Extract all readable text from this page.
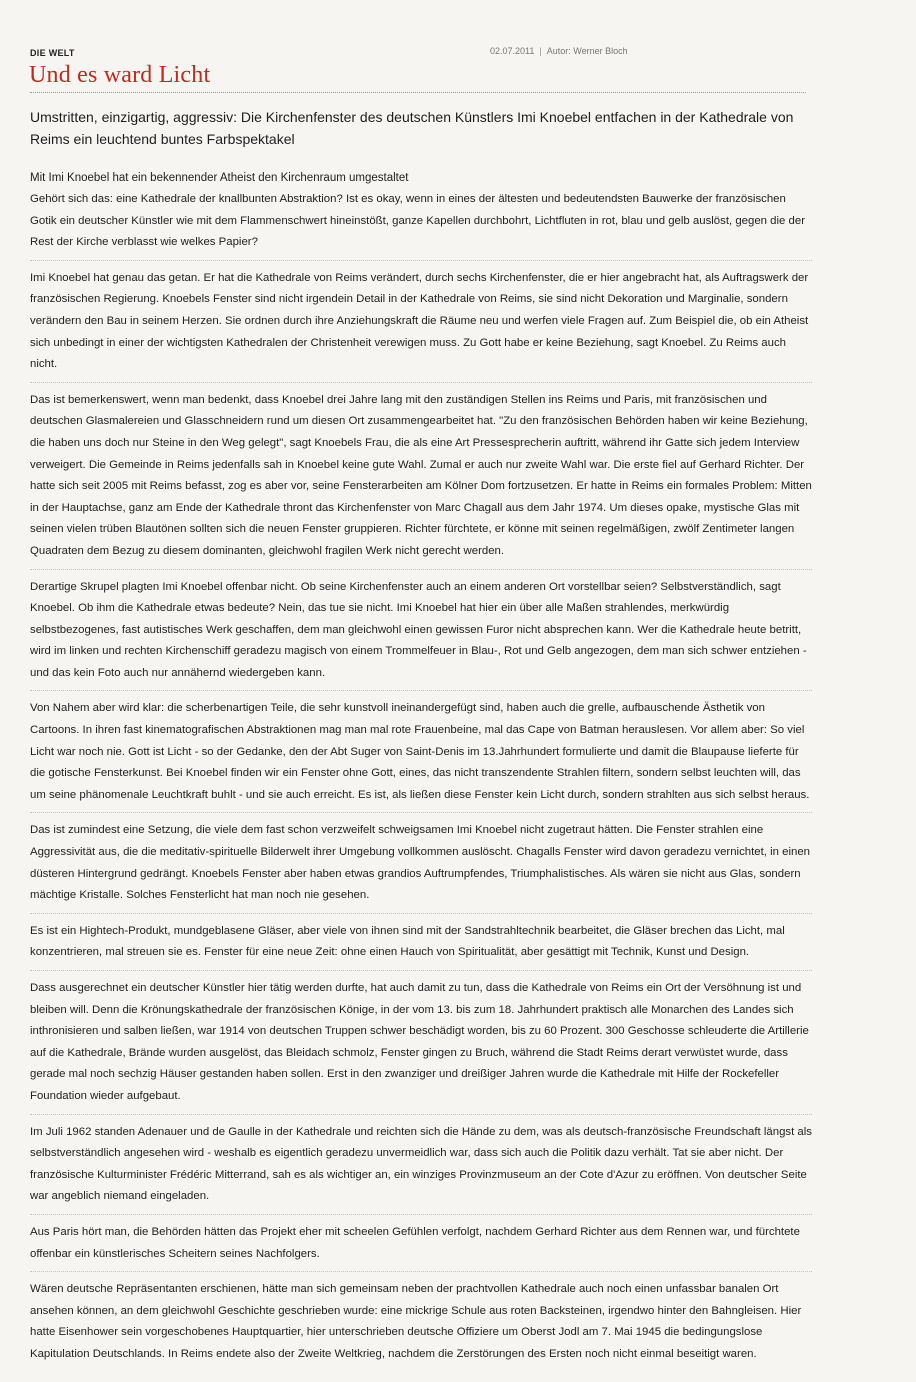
DIE WELT	02.07.2011 | Autor: Werner Bloch
Und es ward Licht

Umstritten, einzigartig, aggressiv: Die Kirchenfenster des deutschen Künstlers Imi Knoebel entfachen in der Kathedrale von Reims ein leuchtend buntes Farbspektakel

Mit Imi Knoebel hat ein bekennender Atheist den Kirchenraum umgestaltet

Gehört sich das: eine Kathedrale der knallbunten Abstraktion? Ist es okay, wenn in eines der ältesten und bedeutendsten Bauwerke der französischen Gotik ein deutscher Künstler wie mit dem Flammenschwert hineinstößt, ganze Kapellen durchbohrt, Lichtfluten in rot, blau und gelb auslöst, gegen die der Rest der Kirche verblasst wie welkes Papier?

Imi Knoebel hat genau das getan. Er hat die Kathedrale von Reims verändert, durch sechs Kirchenfenster, die er hier angebracht hat, als Auftragswerk der französischen Regierung. Knoebels Fenster sind nicht irgendein Detail in der Kathedrale von Reims, sie sind nicht Dekoration und Marginalie, sondern verändern den Bau in seinem Herzen. Sie ordnen durch ihre Anziehungskraft die Räume neu und werfen viele Fragen auf. Zum Beispiel die, ob ein Atheist sich unbedingt in einer der wichtigsten Kathedralen der Christenheit verewigen muss. Zu Gott habe er keine Beziehung, sagt Knoebel. Zu Reims auch nicht.

Das ist bemerkenswert, wenn man bedenkt, dass Knoebel drei Jahre lang mit den zuständigen Stellen ins Reims und Paris, mit französischen und deutschen Glasmalereien und Glasschneidern rund um diesen Ort zusammengearbeitet hat. "Zu den französischen Behörden haben wir keine Beziehung, die haben uns doch nur Steine in den Weg gelegt", sagt Knoebels Frau, die als eine Art Pressesprecherin auftritt, während ihr Gatte sich jedem Interview verweigert. Die Gemeinde in Reims jedenfalls sah in Knoebel keine gute Wahl. Zumal er auch nur zweite Wahl war. Die erste fiel auf Gerhard Richter. Der hatte sich seit 2005 mit Reims befasst, zog es aber vor, seine Fensterarbeiten am Kölner Dom fortzusetzen. Er hatte in Reims ein formales Problem: Mitten in der Hauptachse, ganz am Ende der Kathedrale thront das Kirchenfenster von Marc Chagall aus dem Jahr 1974. Um dieses opake, mystische Glas mit seinen vielen trüben Blautönen sollten sich die neuen Fenster gruppieren. Richter fürchtete, er könne mit seinen regelmäßigen, zwölf Zentimeter langen Quadraten dem Bezug zu diesem dominanten, gleichwohl fragilen Werk nicht gerecht werden.

Derartige Skrupel plagten Imi Knoebel offenbar nicht. Ob seine Kirchenfenster auch an einem anderen Ort vorstellbar seien? Selbstverständlich, sagt Knoebel. Ob ihm die Kathedrale etwas bedeute? Nein, das tue sie nicht. Imi Knoebel hat hier ein über alle Maßen strahlendes, merkwürdig selbstbezogenes, fast autistisches Werk geschaffen, dem man gleichwohl einen gewissen Furor nicht absprechen kann. Wer die Kathedrale heute betritt, wird im linken und rechten Kirchenschiff geradezu magisch von einem Trommelfeuer in Blau-, Rot und Gelb angezogen, dem man sich schwer entziehen - und das kein Foto auch nur annähernd wiedergeben kann.

Von Nahem aber wird klar: die scherbenartigen Teile, die sehr kunstvoll ineinandergefügt sind, haben auch die grelle, aufbauschende Ästhetik von Cartoons. In ihren fast kinematografischen Abstraktionen mag man mal rote Frauenbeine, mal das Cape von Batman herauslesen. Vor allem aber: So viel Licht war noch nie. Gott ist Licht - so der Gedanke, den der Abt Suger von Saint-Denis im 13.Jahrhundert formulierte und damit die Blaupause lieferte für die gotische Fensterkunst. Bei Knoebel finden wir ein Fenster ohne Gott, eines, das nicht transzendente Strahlen filtern, sondern selbst leuchten will, das um seine phänomenale Leuchtkraft buhlt - und sie auch erreicht. Es ist, als ließen diese Fenster kein Licht durch, sondern strahlten aus sich selbst heraus.

Das ist zumindest eine Setzung, die viele dem fast schon verzweifelt schweigsamen Imi Knoebel nicht zugetraut hätten. Die Fenster strahlen eine Aggressivität aus, die die meditativ-spirituelle Bilderwelt ihrer Umgebung vollkommen auslöscht. Chagalls Fenster wird davon geradezu vernichtet, in einen düsteren Hintergrund gedrängt. Knoebels Fenster aber haben etwas grandios Auftrumpfendes, Triumphalistisches. Als wären sie nicht aus Glas, sondern mächtige Kristalle. Solches Fensterlicht hat man noch nie gesehen.

Es ist ein Hightech-Produkt, mundgeblasene Gläser, aber viele von ihnen sind mit der Sandstrahltechnik bearbeitet, die Gläser brechen das Licht, mal konzentrieren, mal streuen sie es. Fenster für eine neue Zeit: ohne einen Hauch von Spiritualität, aber gesättigt mit Technik, Kunst und Design.

Dass ausgerechnet ein deutscher Künstler hier tätig werden durfte, hat auch damit zu tun, dass die Kathedrale von Reims ein Ort der Versöhnung ist und bleiben will. Denn die Krönungskathedrale der französischen Könige, in der vom 13. bis zum 18. Jahrhundert praktisch alle Monarchen des Landes sich inthronisieren und salben ließen, war 1914 von deutschen Truppen schwer beschädigt worden, bis zu 60 Prozent. 300 Geschosse schleuderte die Artillerie auf die Kathedrale, Brände wurden ausgelöst, das Bleidach schmolz, Fenster gingen zu Bruch, während die Stadt Reims derart verwüstet wurde, dass gerade mal noch sechzig Häuser gestanden haben sollen. Erst in den zwanziger und dreißiger Jahren wurde die Kathedrale mit Hilfe der Rockefeller Foundation wieder aufgebaut.

Im Juli 1962 standen Adenauer und de Gaulle in der Kathedrale und reichten sich die Hände zu dem, was als deutsch-französische Freundschaft längst als selbstverständlich angesehen wird - weshalb es eigentlich geradezu unvermeidlich war, dass sich auch die Politik dazu verhält. Tat sie aber nicht. Der französische Kulturminister Frédéric Mitterrand, sah es als wichtiger an, ein winziges Provinzmuseum an der Cote d'Azur zu eröffnen. Von deutscher Seite war angeblich niemand eingeladen.

Aus Paris hört man, die Behörden hätten das Projekt eher mit scheelen Gefühlen verfolgt, nachdem Gerhard Richter aus dem Rennen war, und fürchtete offenbar ein künstlerisches Scheitern seines Nachfolgers.

Wären deutsche Repräsentanten erschienen, hätte man sich gemeinsam neben der prachtvollen Kathedrale auch noch einen unfassbar banalen Ort ansehen können, an dem gleichwohl Geschichte geschrieben wurde: eine mickrige Schule aus roten Backsteinen, irgendwo hinter den Bahngleisen. Hier hatte Eisenhower sein vorgeschobenes Hauptquartier, hier unterschrieben deutsche Offiziere um Oberst Jodl am 7. Mai 1945 die bedingungslose Kapitulation Deutschlands. In Reims endete also der Zweite Weltkrieg, nachdem die Zerstörungen des Ersten noch nicht einmal beseitigt waren.
